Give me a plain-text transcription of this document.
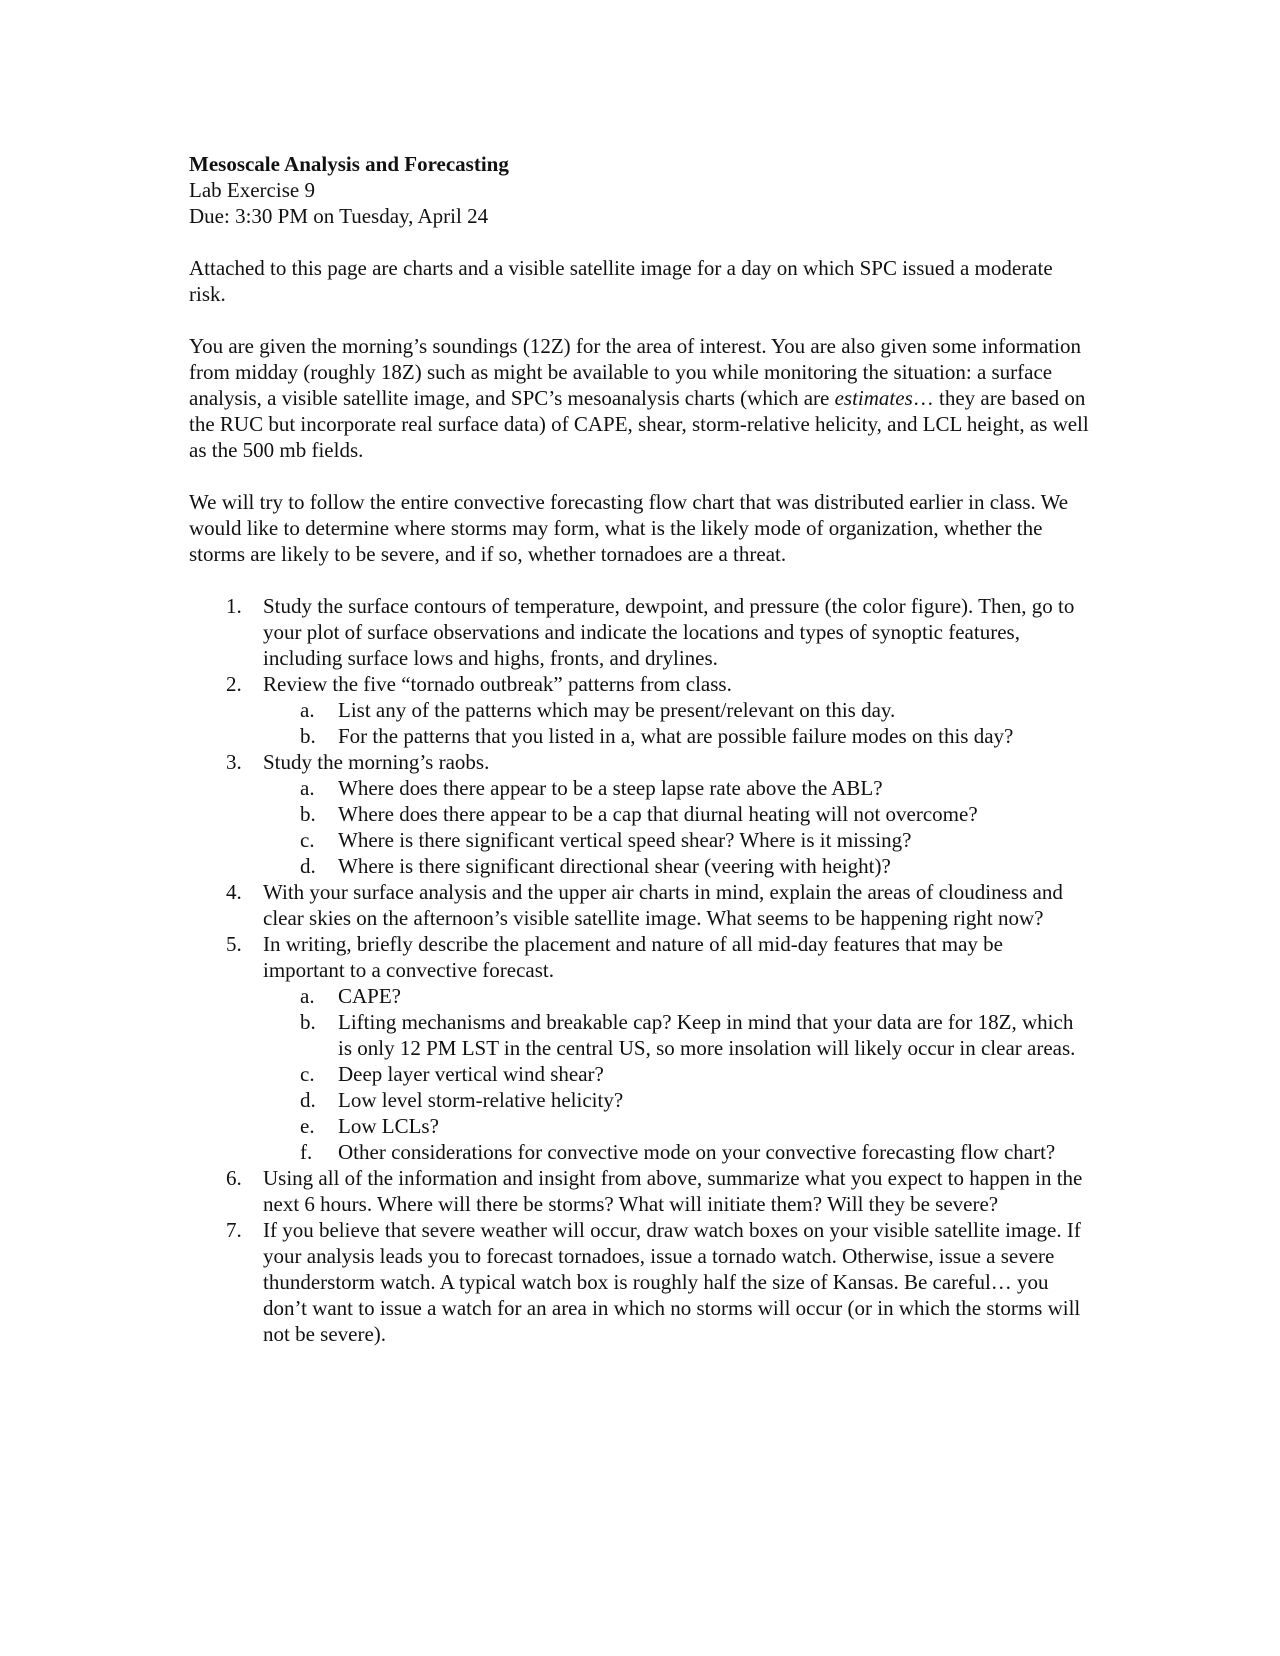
Mesoscale Analysis and Forecasting

Lab Exercise 9

Due: 3:30 PM on Tuesday, April 24

Attached to this page are charts and a visible satellite image for a day on which SPC issued a moderate risk.

You are given the morning’s soundings (12Z) for the area of interest. You are also given some information from midday (roughly 18Z) such as might be available to you while monitoring the situation: a surface analysis, a visible satellite image, and SPC’s mesoanalysis charts (which are estimates… they are based on the RUC but incorporate real surface data) of CAPE, shear, storm-relative helicity, and LCL height, as well as the 500 mb fields.

We will try to follow the entire convective forecasting flow chart that was distributed earlier in class. We would like to determine where storms may form, what is the likely mode of organization, whether the storms are likely to be severe, and if so, whether tornadoes are a threat.

1. Study the surface contours of temperature, dewpoint, and pressure (the color figure). Then, go to your plot of surface observations and indicate the locations and types of synoptic features, including surface lows and highs, fronts, and drylines.
2. Review the five “tornado outbreak” patterns from class.
a. List any of the patterns which may be present/relevant on this day.
b. For the patterns that you listed in a, what are possible failure modes on this day?
3. Study the morning’s raobs.
a. Where does there appear to be a steep lapse rate above the ABL?
b. Where does there appear to be a cap that diurnal heating will not overcome?
c. Where is there significant vertical speed shear? Where is it missing?
d. Where is there significant directional shear (veering with height)?
4. With your surface analysis and the upper air charts in mind, explain the areas of cloudiness and clear skies on the afternoon’s visible satellite image. What seems to be happening right now?
5. In writing, briefly describe the placement and nature of all mid-day features that may be important to a convective forecast.
a. CAPE?
b. Lifting mechanisms and breakable cap? Keep in mind that your data are for 18Z, which is only 12 PM LST in the central US, so more insolation will likely occur in clear areas.
c. Deep layer vertical wind shear?
d. Low level storm-relative helicity?
e. Low LCLs?
f. Other considerations for convective mode on your convective forecasting flow chart?
6. Using all of the information and insight from above, summarize what you expect to happen in the next 6 hours. Where will there be storms? What will initiate them? Will they be severe?
7. If you believe that severe weather will occur, draw watch boxes on your visible satellite image. If your analysis leads you to forecast tornadoes, issue a tornado watch. Otherwise, issue a severe thunderstorm watch. A typical watch box is roughly half the size of Kansas. Be careful… you don’t want to issue a watch for an area in which no storms will occur (or in which the storms will not be severe).
